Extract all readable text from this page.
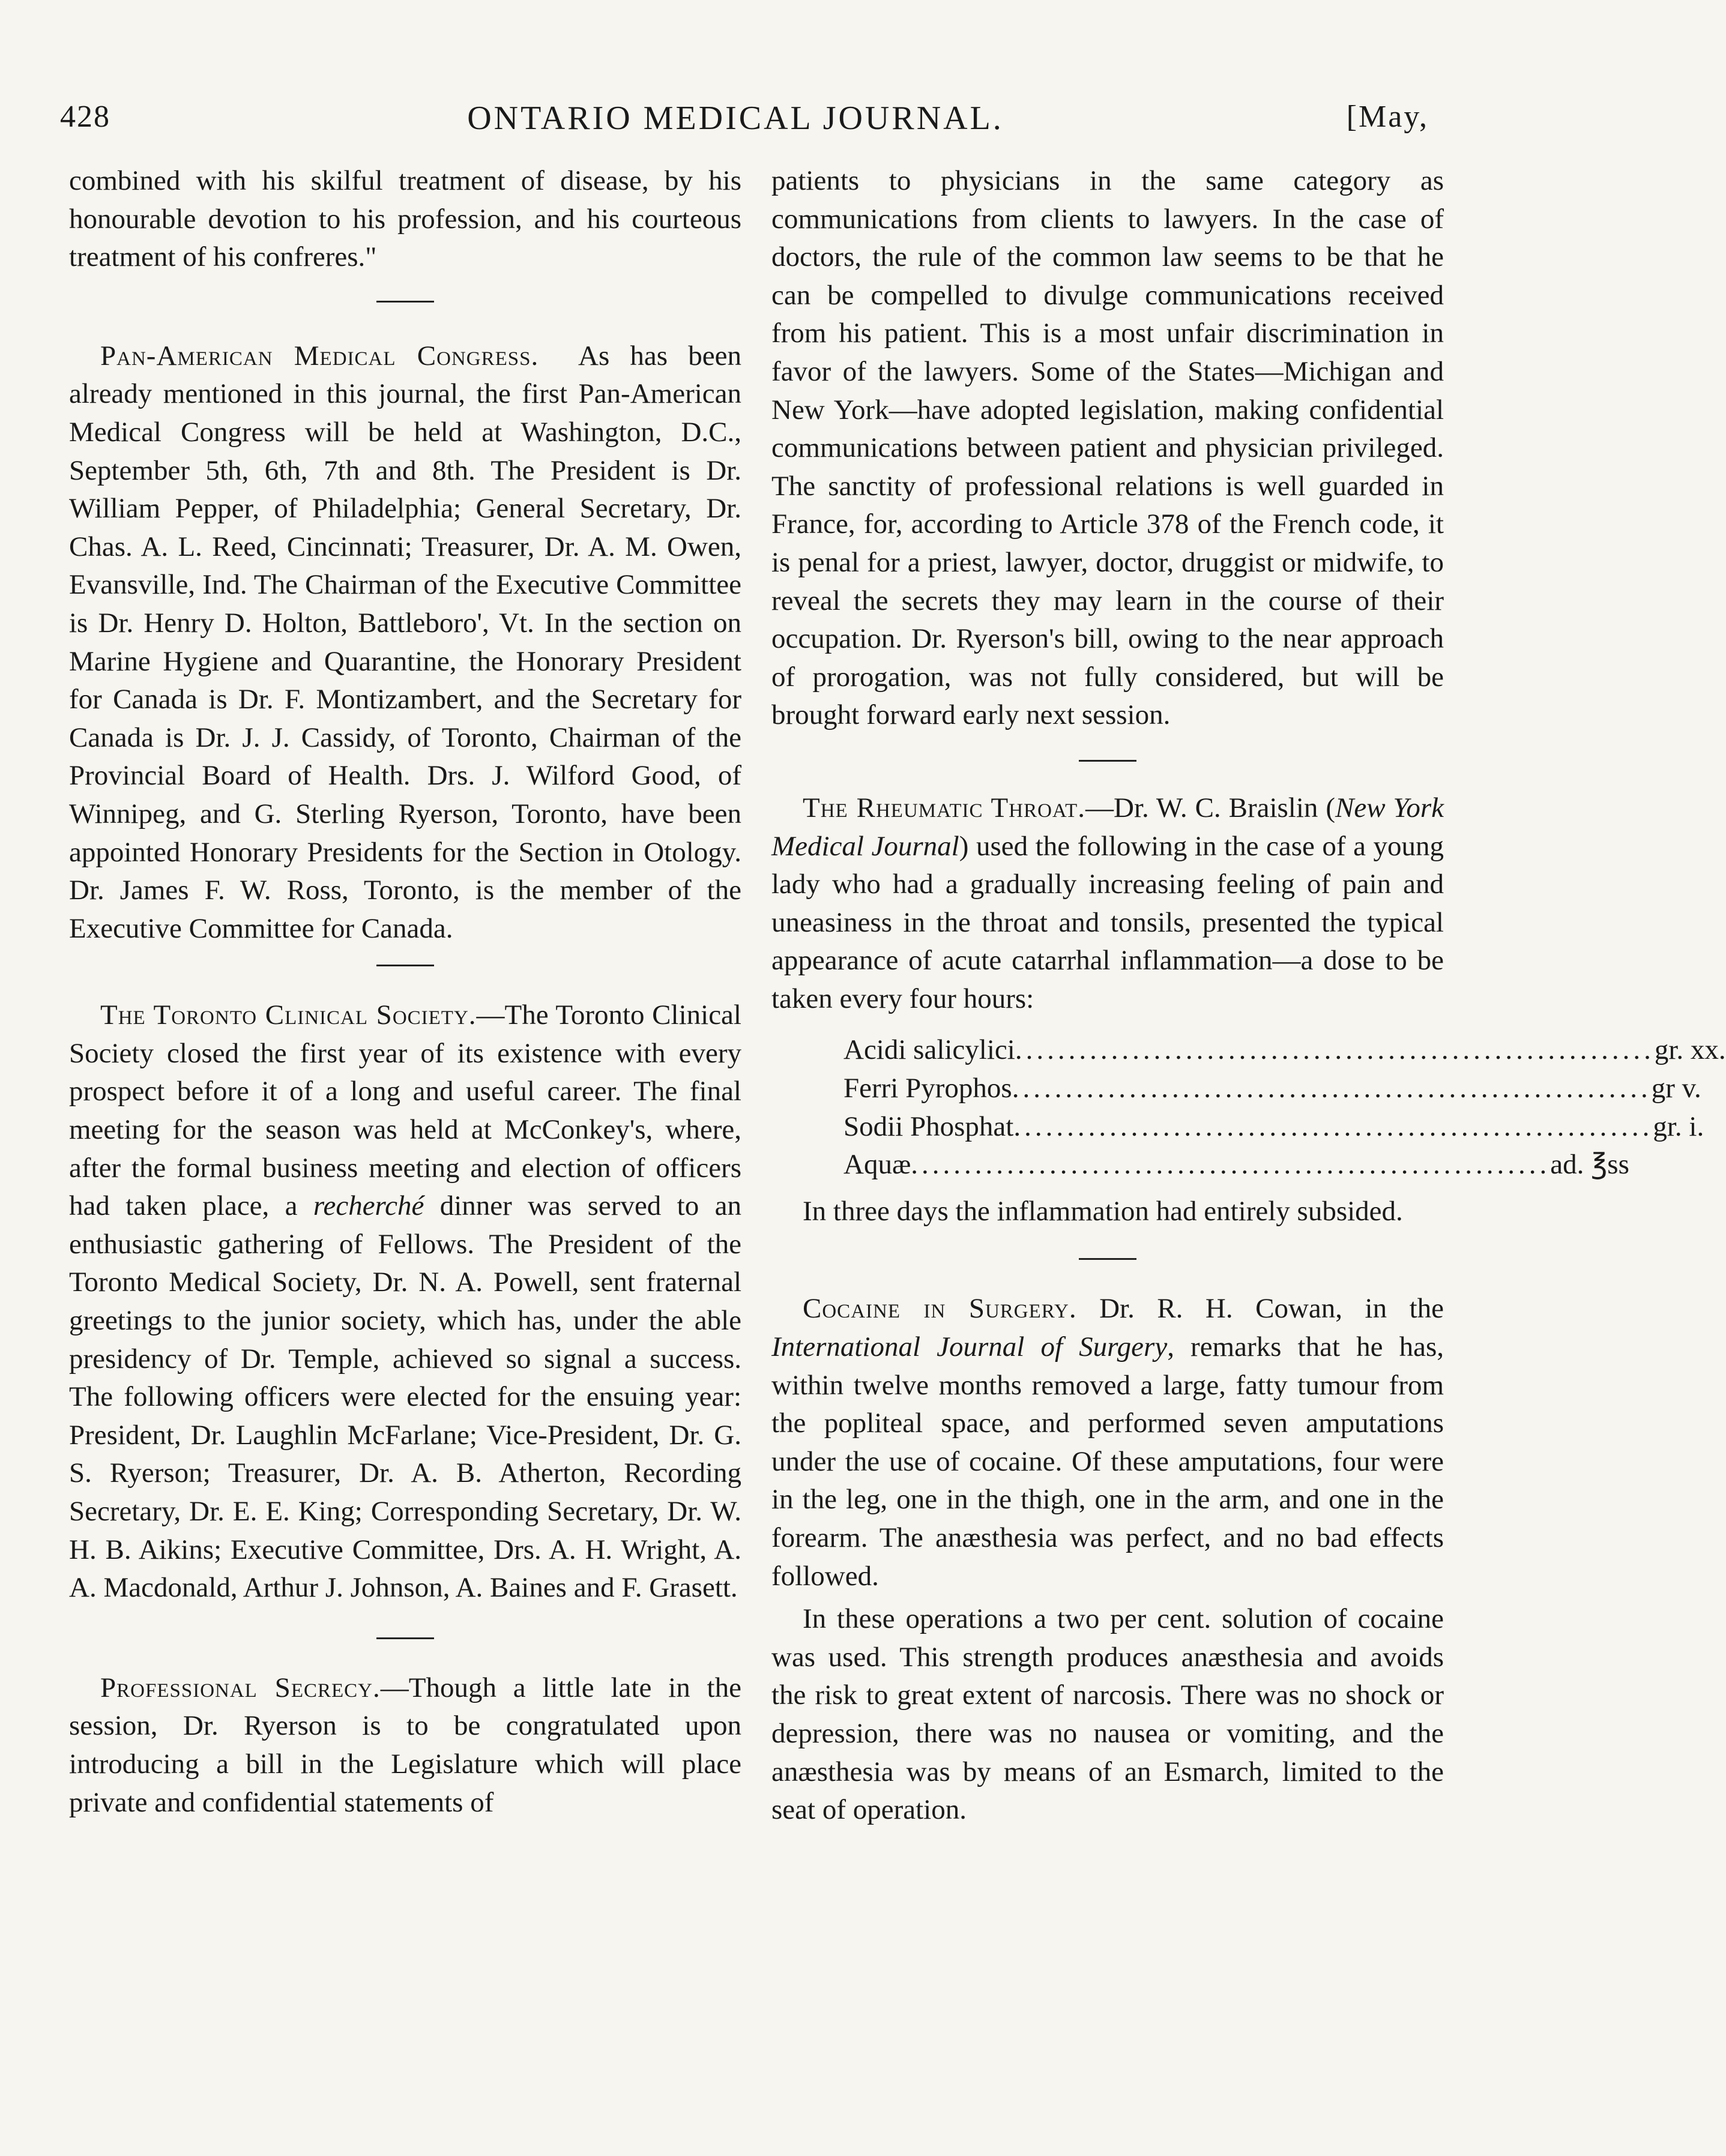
428	ONTARIO MEDICAL JOURNAL.	[May,

combined with his skilful treatment of disease, by his honourable devotion to his profession, and his courteous treatment of his confreres."

Pan-American Medical Congress. As has been already mentioned in this journal, the first Pan-American Medical Congress will be held at Washington, D.C., September 5th, 6th, 7th and 8th. The President is Dr. William Pepper, of Philadelphia; General Secretary, Dr. Chas. A. L. Reed, Cincinnati; Treasurer, Dr. A. M. Owen, Evansville, Ind. The Chairman of the Executive Committee is Dr. Henry D. Holton, Battleboro', Vt. In the section on Marine Hygiene and Quarantine, the Honorary President for Canada is Dr. F. Montizambert, and the Secretary for Canada is Dr. J. J. Cassidy, of Toronto, Chairman of the Provincial Board of Health. Drs. J. Wilford Good, of Winnipeg, and G. Sterling Ryerson, Toronto, have been appointed Honorary Presidents for the Section in Otology. Dr. James F. W. Ross, Toronto, is the member of the Executive Committee for Canada.

The Toronto Clinical Society.—The Toronto Clinical Society closed the first year of its existence with every prospect before it of a long and useful career. The final meeting for the season was held at McConkey's, where, after the formal business meeting and election of officers had taken place, a recherché dinner was served to an enthusiastic gathering of Fellows. The President of the Toronto Medical Society, Dr. N. A. Powell, sent fraternal greetings to the junior society, which has, under the able presidency of Dr. Temple, achieved so signal a success. The following officers were elected for the ensuing year: President, Dr. Laughlin McFarlane; Vice-President, Dr. G. S. Ryerson; Treasurer, Dr. A. B. Atherton, Recording Secretary, Dr. E. E. King; Corresponding Secretary, Dr. W. H. B. Aikins; Executive Committee, Drs. A. H. Wright, A. A. Macdonald, Arthur J. Johnson, A. Baines and F. Grasett.

Professional Secrecy.—Though a little late in the session, Dr. Ryerson is to be congratulated upon introducing a bill in the Legislature which will place private and confidential statements of

patients to physicians in the same category as communications from clients to lawyers. In the case of doctors, the rule of the common law seems to be that he can be compelled to divulge communications received from his patient. This is a most unfair discrimination in favor of the lawyers. Some of the States—Michigan and New York—have adopted legislation, making confidential communications between patient and physician privileged. The sanctity of professional relations is well guarded in France, for, according to Article 378 of the French code, it is penal for a priest, lawyer, doctor, druggist or midwife, to reveal the secrets they may learn in the course of their occupation. Dr. Ryerson's bill, owing to the near approach of prorogation, was not fully considered, but will be brought forward early next session.

The Rheumatic Throat.—Dr. W. C. Braislin (New York Medical Journal) used the following in the case of a young lady who had a gradually increasing feeling of pain and uneasiness in the throat and tonsils, presented the typical appearance of acute catarrhal inflammation—a dose to be taken every four hours:

Acidi salicylici ............................................................ gr. xx.
Ferri Pyrophos ............................................................ gr v.
Sodii Phosphat ............................................................ gr. i.
Aquæ ............................................................ ad. ℥ss

In three days the inflammation had entirely subsided.

Cocaine in Surgery. Dr. R. H. Cowan, in the International Journal of Surgery, remarks that he has, within twelve months removed a large, fatty tumour from the popliteal space, and performed seven amputations under the use of cocaine. Of these amputations, four were in the leg, one in the thigh, one in the arm, and one in the forearm. The anæsthesia was perfect, and no bad effects followed.

In these operations a two per cent. solution of cocaine was used. This strength produces anæsthesia and avoids the risk to great extent of narcosis. There was no shock or depression, there was no nausea or vomiting, and the anæsthesia was by means of an Esmarch, limited to the seat of operation.
